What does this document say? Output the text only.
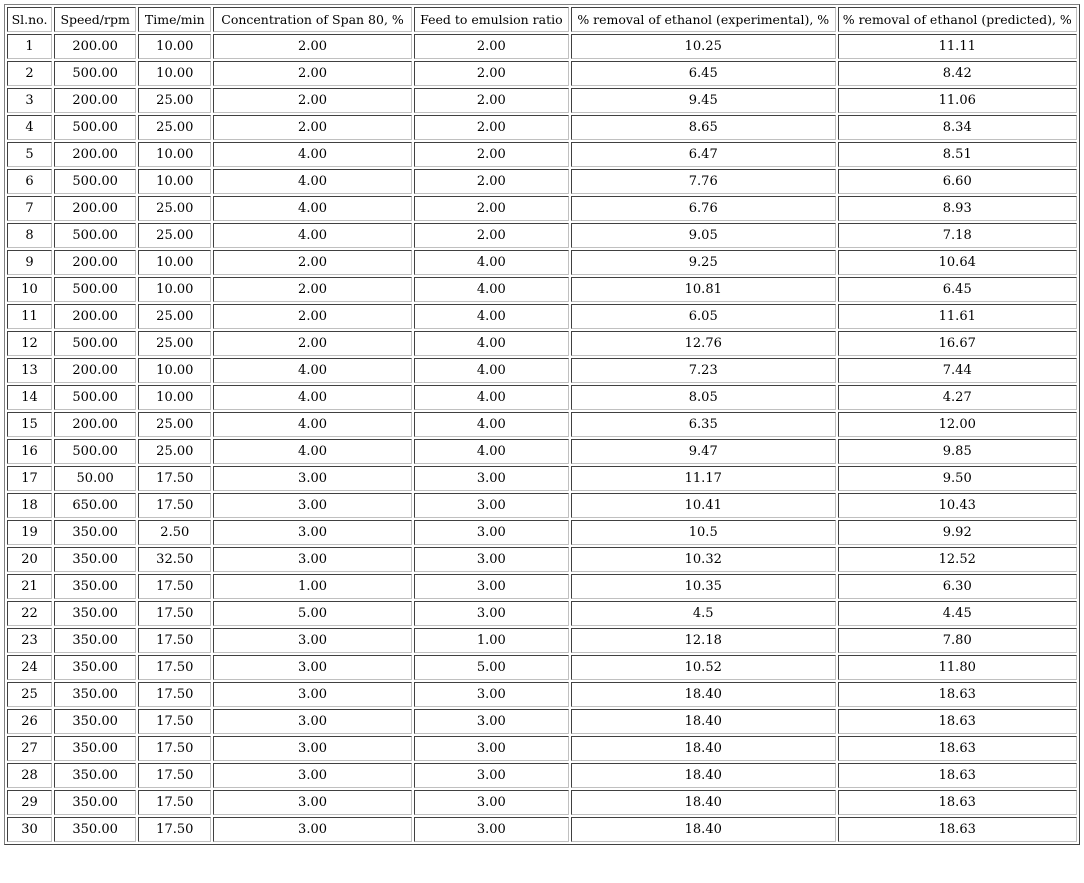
Sl.no.	Speed/rpm	Time/min	Concentration of Span 80, %	Feed to emulsion ratio	% removal of ethanol (experimental), %	% removal of ethanol (predicted), %
1	200.00	10.00	2.00	2.00	10.25	11.11
2	500.00	10.00	2.00	2.00	6.45	8.42
3	200.00	25.00	2.00	2.00	9.45	11.06
4	500.00	25.00	2.00	2.00	8.65	8.34
5	200.00	10.00	4.00	2.00	6.47	8.51
6	500.00	10.00	4.00	2.00	7.76	6.60
7	200.00	25.00	4.00	2.00	6.76	8.93
8	500.00	25.00	4.00	2.00	9.05	7.18
9	200.00	10.00	2.00	4.00	9.25	10.64
10	500.00	10.00	2.00	4.00	10.81	6.45
11	200.00	25.00	2.00	4.00	6.05	11.61
12	500.00	25.00	2.00	4.00	12.76	16.67
13	200.00	10.00	4.00	4.00	7.23	7.44
14	500.00	10.00	4.00	4.00	8.05	4.27
15	200.00	25.00	4.00	4.00	6.35	12.00
16	500.00	25.00	4.00	4.00	9.47	9.85
17	50.00	17.50	3.00	3.00	11.17	9.50
18	650.00	17.50	3.00	3.00	10.41	10.43
19	350.00	2.50	3.00	3.00	10.5	9.92
20	350.00	32.50	3.00	3.00	10.32	12.52
21	350.00	17.50	1.00	3.00	10.35	6.30
22	350.00	17.50	5.00	3.00	4.5	4.45
23	350.00	17.50	3.00	1.00	12.18	7.80
24	350.00	17.50	3.00	5.00	10.52	11.80
25	350.00	17.50	3.00	3.00	18.40	18.63
26	350.00	17.50	3.00	3.00	18.40	18.63
27	350.00	17.50	3.00	3.00	18.40	18.63
28	350.00	17.50	3.00	3.00	18.40	18.63
29	350.00	17.50	3.00	3.00	18.40	18.63
30	350.00	17.50	3.00	3.00	18.40	18.63
